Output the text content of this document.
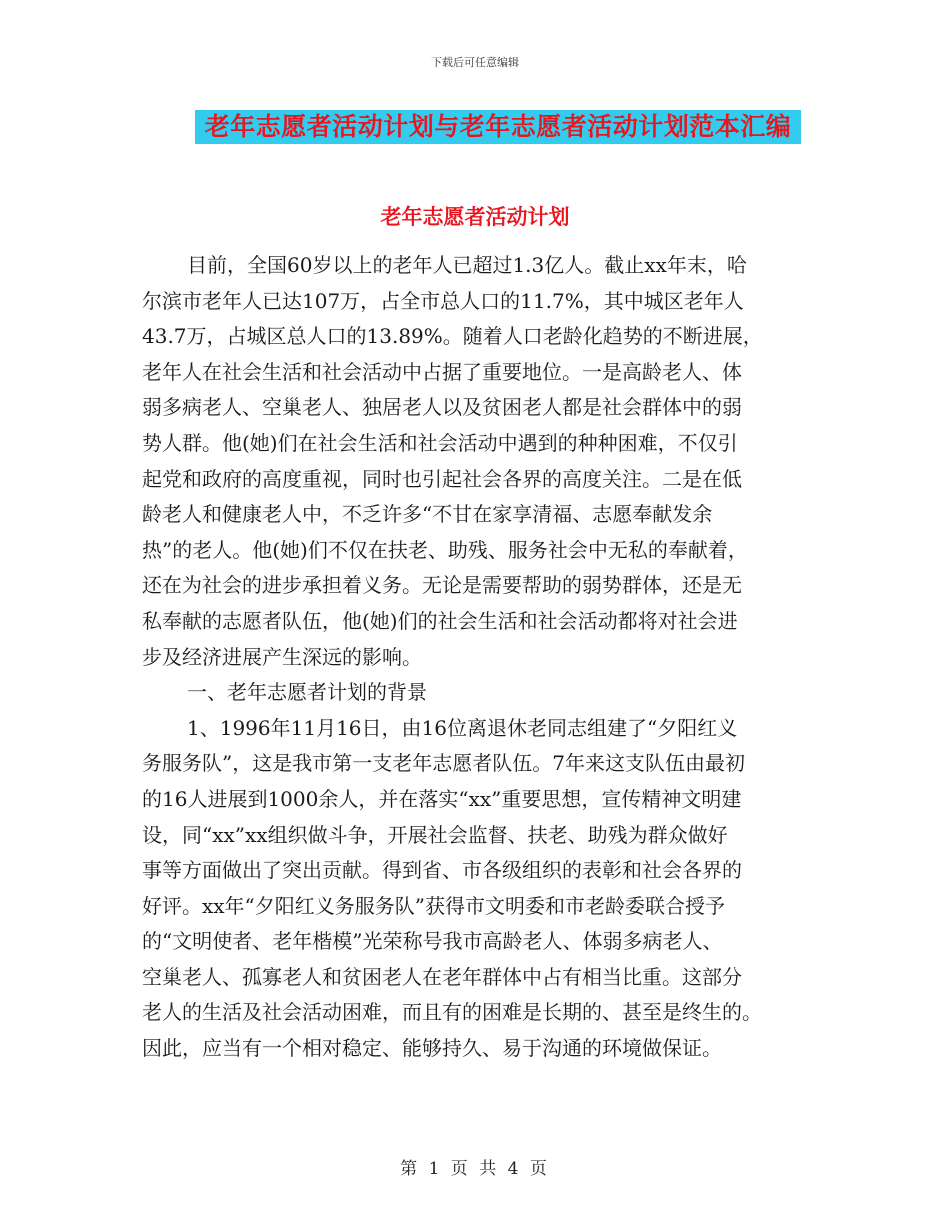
下载后可任意编辑
老年志愿者活动计划与老年志愿者活动计划范本汇编
老年志愿者活动计划
目前，全国60岁以上的老年人已超过1.3亿人。截止xx年末，哈
尔滨市老年人已达107万，占全市总人口的11.7%，其中城区老年人
43.7万，占城区总人口的13.89%。随着人口老龄化趋势的不断进展，
老年人在社会生活和社会活动中占据了重要地位。一是高龄老人、体
弱多病老人、空巢老人、独居老人以及贫困老人都是社会群体中的弱
势人群。他(她)们在社会生活和社会活动中遇到的种种困难，不仅引
起党和政府的高度重视，同时也引起社会各界的高度关注。二是在低
龄老人和健康老人中，不乏许多“不甘在家享清福、志愿奉献发余
热”的老人。他(她)们不仅在扶老、助残、服务社会中无私的奉献着，
还在为社会的进步承担着义务。无论是需要帮助的弱势群体，还是无
私奉献的志愿者队伍，他(她)们的社会生活和社会活动都将对社会进
步及经济进展产生深远的影响。
一、老年志愿者计划的背景
1、1996年11月16日，由16位离退休老同志组建了“夕阳红义
务服务队”，这是我市第一支老年志愿者队伍。7年来这支队伍由最初
的16人进展到1000余人，并在落实“xx”重要思想，宣传精神文明建
设，同“xx”xx组织做斗争，开展社会监督、扶老、助残为群众做好
事等方面做出了突出贡献。得到省、市各级组织的表彰和社会各界的
好评。xx年“夕阳红义务服务队”获得市文明委和市老龄委联合授予
的“文明使者、老年楷模”光荣称号我市高龄老人、体弱多病老人、
空巢老人、孤寡老人和贫困老人在老年群体中占有相当比重。这部分
老人的生活及社会活动困难，而且有的困难是长期的、甚至是终生的。
因此，应当有一个相对稳定、能够持久、易于沟通的环境做保证。
第 1 页 共 4 页
